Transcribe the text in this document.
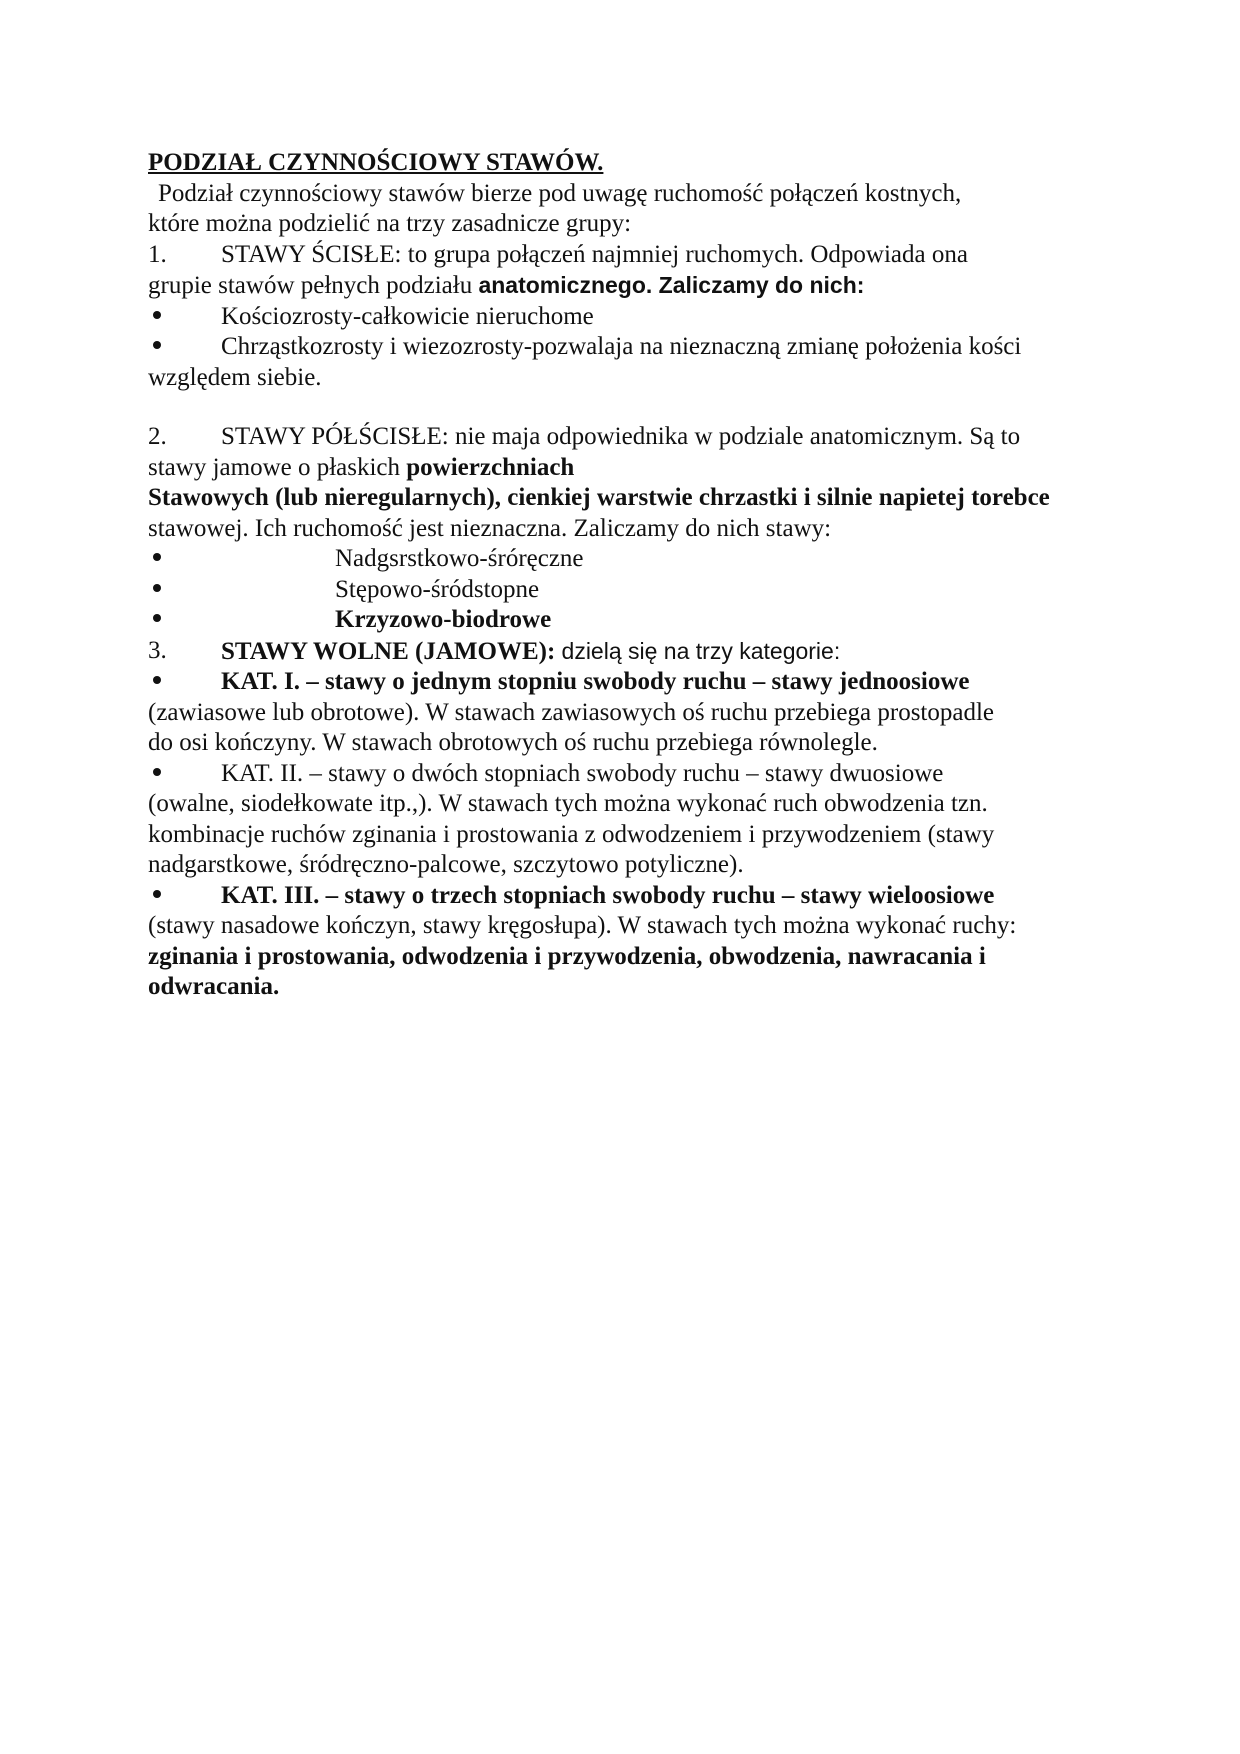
PODZIAŁ CZYNNOŚCIOWY STAWÓW.

Podział czynnościowy stawów bierze pod uwagę ruchomość połączeń kostnych,

które można podzielić na trzy zasadnicze grupy:

1.	STAWY ŚCISŁE: to grupa połączeń najmniej ruchomych. Odpowiada ona

grupie stawów pełnych podziału anatomicznego. Zaliczamy do nich:

Kościozrosty-całkowicie nieruchome
Chrząstkozrosty i wiezozrosty-pozwalaja na nieznaczną zmianę położenia kości

względem siebie.

2.	STAWY PÓŁŚCISŁE: nie maja odpowiednika w podziale anatomicznym. Są to

stawy jamowe o płaskich powierzchniach

Stawowych (lub nieregularnych), cienkiej warstwie chrzastki i silnie napietej torebce

stawowej. Ich ruchomość jest nieznaczna. Zaliczamy do nich stawy:

Nadgsrstkowo-śróręczne
Stępowo-śródstopne
Krzyzowo-biodrowe
3.	STAWY WOLNE (JAMOWE): dzielą się na trzy kategorie:
KAT. I. – stawy o jednym stopniu swobody ruchu – stawy jednoosiowe

(zawiasowe lub obrotowe). W stawach zawiasowych oś ruchu przebiega prostopadle

do osi kończyny. W stawach obrotowych oś ruchu przebiega równolegle.

KAT. II. – stawy o dwóch stopniach swobody ruchu – stawy dwuosiowe

(owalne, siodełkowate itp.,). W stawach tych można wykonać ruch obwodzenia tzn.

kombinacje ruchów zginania i prostowania z odwodzeniem i przywodzeniem (stawy

nadgarstkowe, śródręczno-palcowe, szczytowo potyliczne).

KAT. III. – stawy o trzech stopniach swobody ruchu – stawy wieloosiowe

(stawy nasadowe kończyn, stawy kręgosłupa). W stawach tych można wykonać ruchy:

zginania i prostowania, odwodzenia i przywodzenia, obwodzenia, nawracania i

odwracania.
